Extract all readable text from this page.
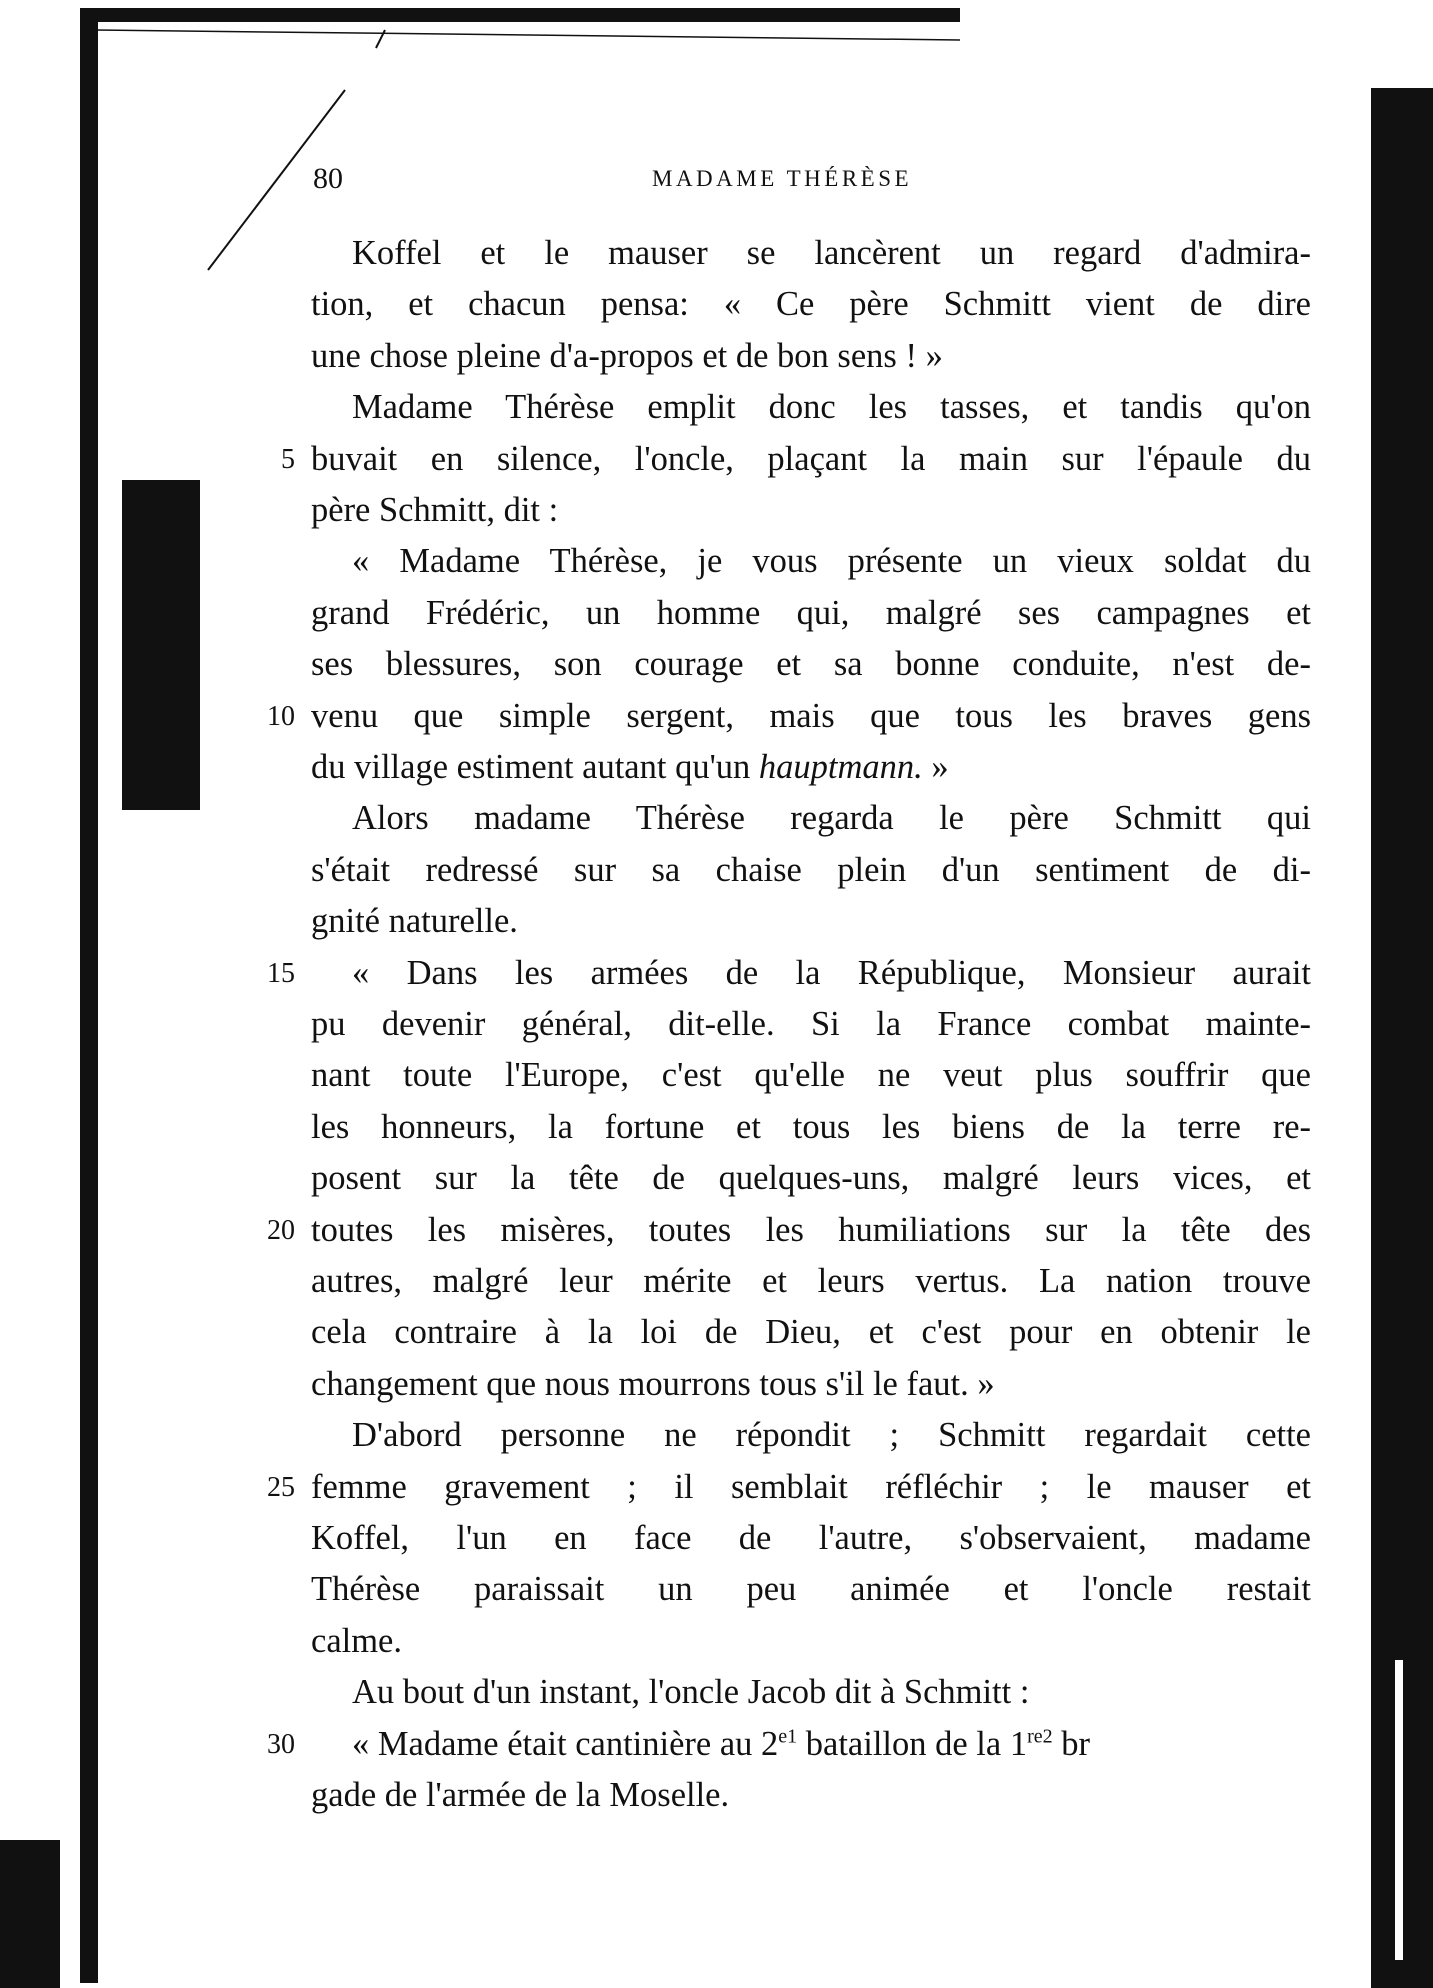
80	MADAME THÉRÈSE
Koffel et le mauser se lancèrent un regard d'admira-
tion, et chacun pensa: « Ce père Schmitt vient de dire
une chose pleine d'a-propos et de bon sens ! »
Madame Thérèse emplit donc les tasses, et tandis qu'on
5 buvait en silence, l'oncle, plaçant la main sur l'épaule du
père Schmitt, dit :
« Madame Thérèse, je vous présente un vieux soldat du
grand Frédéric, un homme qui, malgré ses campagnes et
ses blessures, son courage et sa bonne conduite, n'est de-
10 venu que simple sergent, mais que tous les braves gens
du village estiment autant qu'un hauptmann. »
Alors madame Thérèse regarda le père Schmitt qui
s'était redressé sur sa chaise plein d'un sentiment de di-
gnité naturelle.
15 « Dans les armées de la République, Monsieur aurait
pu devenir général, dit-elle. Si la France combat mainte-
nant toute l'Europe, c'est qu'elle ne veut plus souffrir que
les honneurs, la fortune et tous les biens de la terre re-
posent sur la tête de quelques-uns, malgré leurs vices, et
20 toutes les misères, toutes les humiliations sur la tête des
autres, malgré leur mérite et leurs vertus. La nation trouve
cela contraire à la loi de Dieu, et c'est pour en obtenir le
changement que nous mourrons tous s'il le faut. »
D'abord personne ne répondit ; Schmitt regardait cette
25 femme gravement ; il semblait réfléchir ; le mauser et
Koffel, l'un en face de l'autre, s'observaient, madame
Thérèse paraissait un peu animée et l'oncle restait
calme.
Au bout d'un instant, l'oncle Jacob dit à Schmitt :
30 « Madame était cantinière au $2^{e1}$ bataillon de la $1^{re2}$ br
gade de l'armée de la Moselle.
